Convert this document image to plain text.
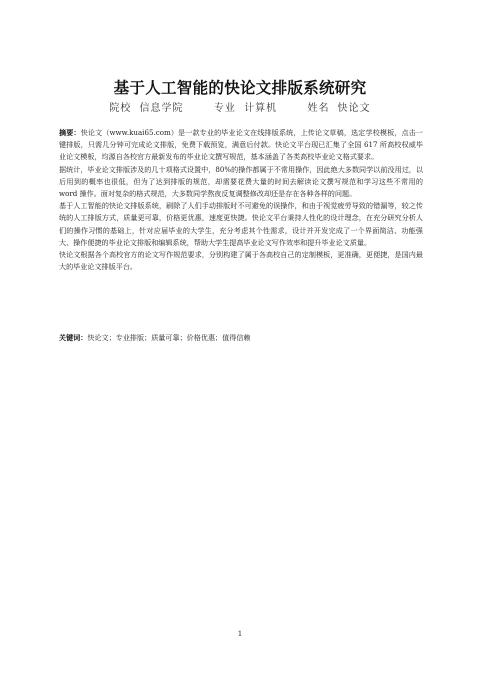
基于人工智能的快论文排版系统研究
院校 信息学院	专业 计算机	姓名 快论文

摘要：快论文（www.kuai65.com）是一款专业的毕业论文在线排版系统，上传论文草稿，选定学校模板，点击一键排版，只需几分钟可完成论文排版，免费下载预览，满意后付款。快论文平台现已汇集了全国 617 所高校权威毕业论文模板，均源自各校官方最新发布的毕业论文撰写规范，基本涵盖了各类高校毕业论文格式要求。

据统计，毕业论文排版涉及的几十项格式设置中，80%的操作都属于不常用操作，因此绝大多数同学以前没用过，以后用到的概率也很低，但为了达到排版的规范，却需要花费大量的时间去解读论文撰写规范和学习这些不常用的 word 操作。面对复杂的格式规范，大多数同学熬夜反复调整修改却还是存在各种各样的问题。

基于人工智能的快论文排版系统，刷除了人们手动排版时不可避免的误操作，和由于视觉疲劳导致的错漏等，较之传统的人工排版方式，质量更可靠，价格更优惠，速度更快捷。快论文平台秉持人性化的设计理念，在充分研究分析人们的操作习惯的基础上，针对应届毕业的大学生，充分考虑其个性需求，设计并开发完成了一个界面简洁、功能强大、操作便捷的毕业论文排版和编辑系统，帮助大学生提高毕业论文写作效率和提升毕业论文质量。

快论文根据各个高校官方的论文写作规范要求，分别构建了属于各高校自己的定制模板，更准确，更便捷，是国内最大的毕业论文排版平台。

关键词：快论文；专业排版；质量可靠；价格优惠；值得信赖
1
